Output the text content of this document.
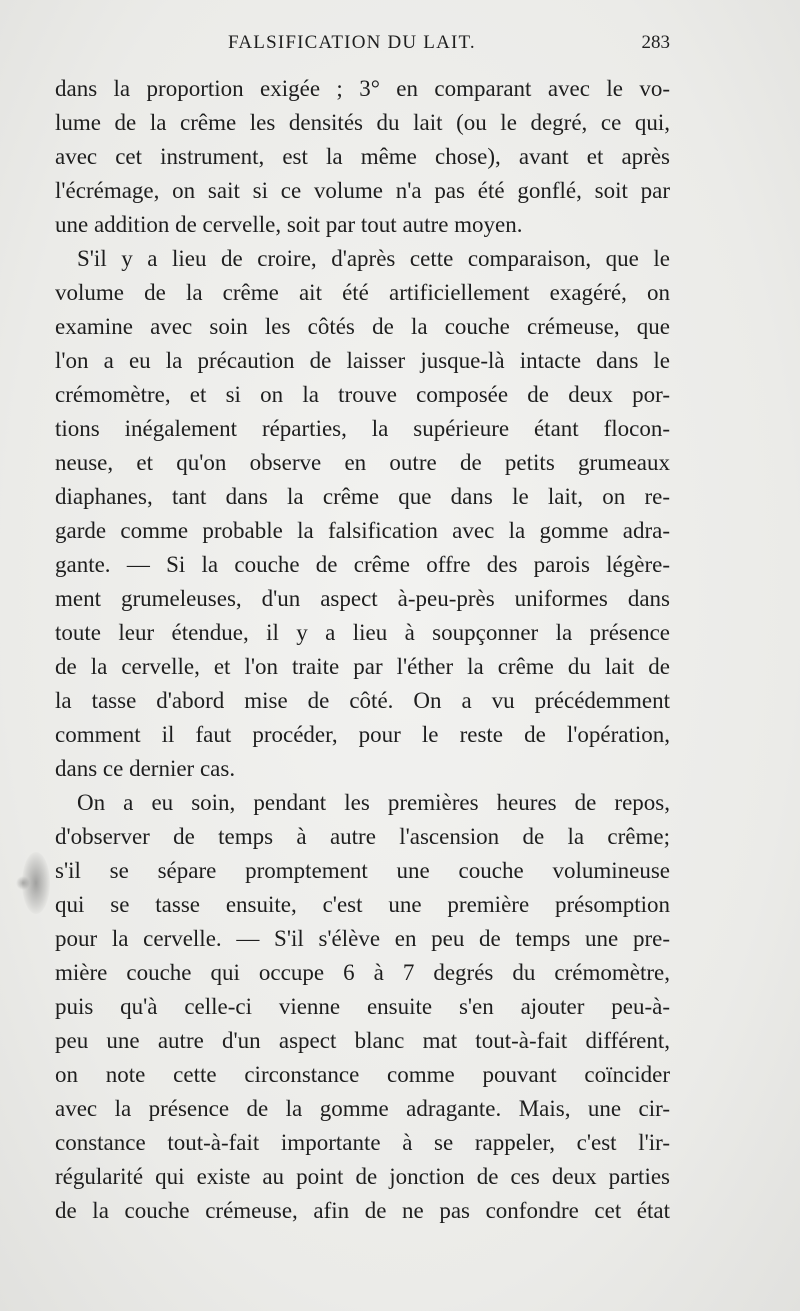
FALSIFICATION DU LAIT.	283
dans la proportion exigée ; 3° en comparant avec le vo-
lume de la crême les densités du lait (ou le degré, ce qui,
avec cet instrument, est la même chose), avant et après
l'écrémage, on sait si ce volume n'a pas été gonflé, soit par
une addition de cervelle, soit par tout autre moyen.
S'il y a lieu de croire, d'après cette comparaison, que le
volume de la crême ait été artificiellement exagéré, on
examine avec soin les côtés de la couche crémeuse, que
l'on a eu la précaution de laisser jusque-là intacte dans le
crémomètre, et si on la trouve composée de deux por-
tions inégalement réparties, la supérieure étant flocon-
neuse, et qu'on observe en outre de petits grumeaux
diaphanes, tant dans la crême que dans le lait, on re-
garde comme probable la falsification avec la gomme adra-
gante. — Si la couche de crême offre des parois légère-
ment grumeleuses, d'un aspect à-peu-près uniformes dans
toute leur étendue, il y a lieu à soupçonner la présence
de la cervelle, et l'on traite par l'éther la crême du lait de
la tasse d'abord mise de côté. On a vu précédemment
comment il faut procéder, pour le reste de l'opération,
dans ce dernier cas.
On a eu soin, pendant les premières heures de repos,
d'observer de temps à autre l'ascension de la crême;
s'il se sépare promptement une couche volumineuse
qui se tasse ensuite, c'est une première présomption
pour la cervelle. — S'il s'élève en peu de temps une pre-
mière couche qui occupe 6 à 7 degrés du crémomètre,
puis qu'à celle-ci vienne ensuite s'en ajouter peu-à-
peu une autre d'un aspect blanc mat tout-à-fait différent,
on note cette circonstance comme pouvant coïncider
avec la présence de la gomme adragante. Mais, une cir-
constance tout-à-fait importante à se rappeler, c'est l'ir-
régularité qui existe au point de jonction de ces deux parties
de la couche crémeuse, afin de ne pas confondre cet état
